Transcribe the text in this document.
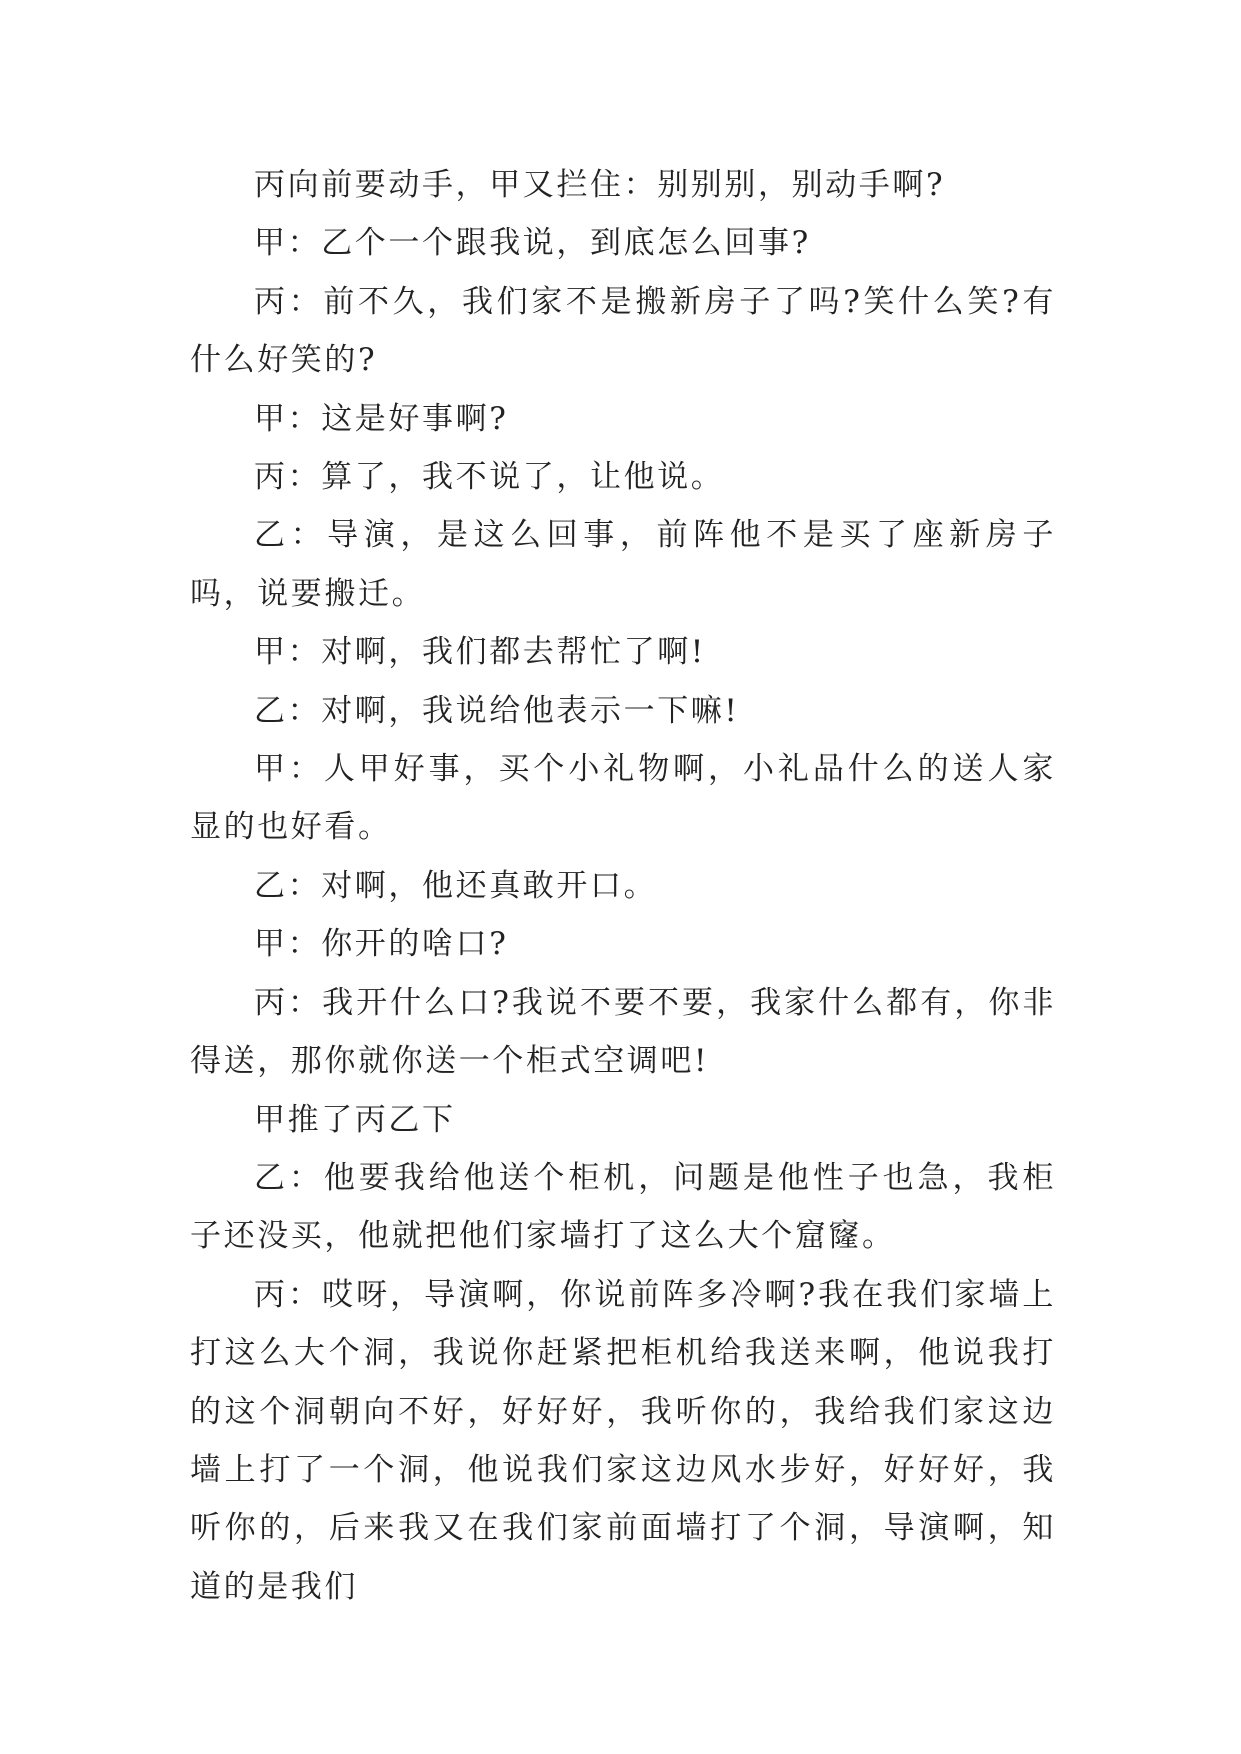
丙向前要动手，甲又拦住：别别别，别动手啊?

甲：乙个一个跟我说，到底怎么回事?

丙：前不久，我们家不是搬新房子了吗?笑什么笑?有什么好笑的?

甲：这是好事啊?

丙：算了，我不说了，让他说。

乙：导演，是这么回事，前阵他不是买了座新房子吗，说要搬迁。

甲：对啊，我们都去帮忙了啊!

乙：对啊，我说给他表示一下嘛!

甲：人甲好事，买个小礼物啊，小礼品什么的送人家显的也好看。

乙：对啊，他还真敢开口。

甲：你开的啥口?

丙：我开什么口?我说不要不要，我家什么都有，你非得送，那你就你送一个柜式空调吧!

甲推了丙乙下

乙：他要我给他送个柜机，问题是他性子也急，我柜子还没买，他就把他们家墙打了这么大个窟窿。

丙：哎呀，导演啊，你说前阵多冷啊?我在我们家墙上打这么大个洞，我说你赶紧把柜机给我送来啊，他说我打的这个洞朝向不好，好好好，我听你的，我给我们家这边墙上打了一个洞，他说我们家这边风水步好，好好好，我听你的，后来我又在我们家前面墙打了个洞，导演啊，知道的是我们
